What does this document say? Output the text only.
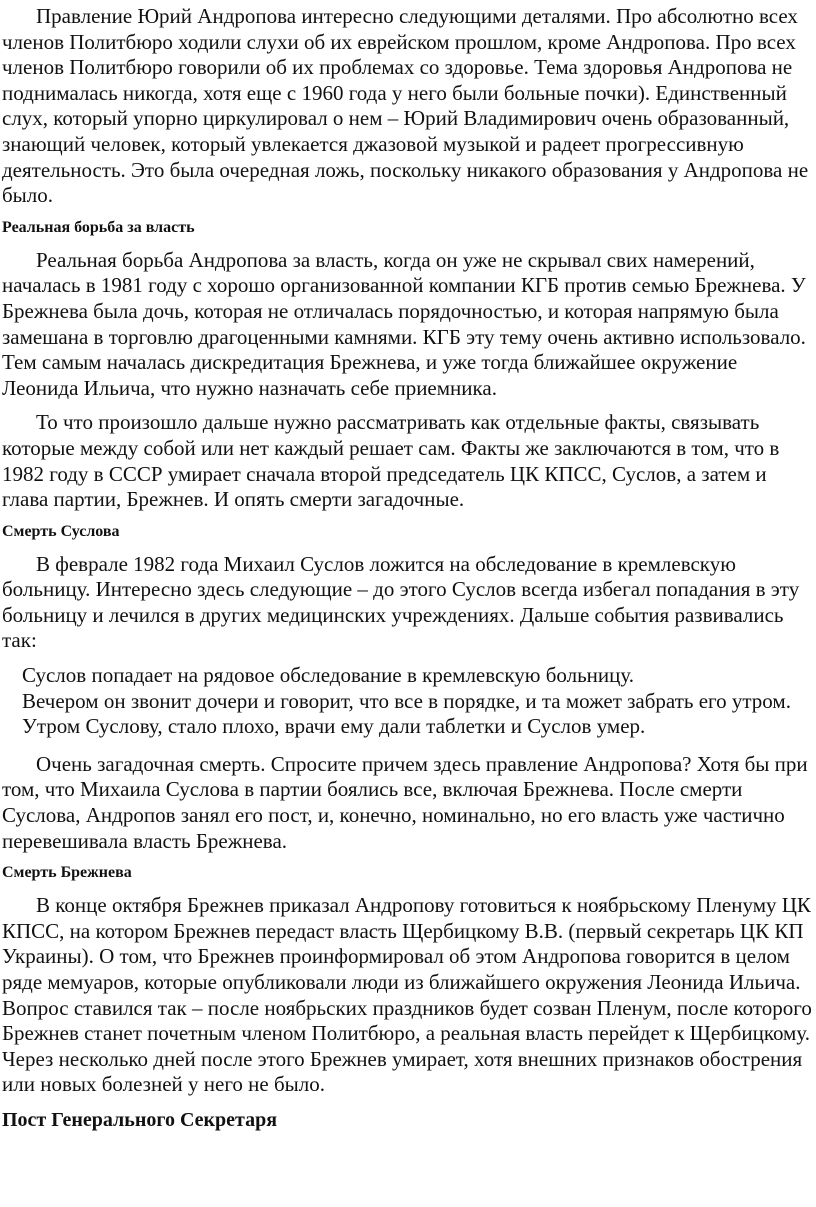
Правление Юрий Андропова интересно следующими деталями. Про абсолютно всех членов Политбюро ходили слухи об их еврейском прошлом, кроме Андропова. Про всех членов Политбюро говорили об их проблемах со здоровье. Тема здоровья Андропова не поднималась никогда, хотя еще с 1960 года у него были больные почки). Единственный слух, который упорно циркулировал о нем – Юрий Владимирович очень образованный, знающий человек, который увлекается джазовой музыкой и радеет прогрессивную деятельность. Это была очередная ложь, поскольку никакого образования у Андропова не было.

Реальная борьба за власть

Реальная борьба Андропова за власть, когда он уже не скрывал свих намерений, началась в 1981 году с хорошо организованной компании КГБ против семью Брежнева. У Брежнева была дочь, которая не отличалась порядочностью, и которая напрямую была замешана в торговлю драгоценными камнями. КГБ эту тему очень активно использовало. Тем самым началась дискредитация Брежнева, и уже тогда ближайшее окружение Леонида Ильича, что нужно назначать себе приемника.

То что произошло дальше нужно рассматривать как отдельные факты, связывать которые между собой или нет каждый решает сам. Факты же заключаются в том, что в 1982 году в СССР умирает сначала второй председатель ЦК КПСС, Суслов, а затем и глава партии, Брежнев. И опять смерти загадочные.

Смерть Суслова

В феврале 1982 года Михаил Суслов ложится на обследование в кремлевскую больницу. Интересно здесь следующие – до этого Суслов всегда избегал попадания в эту больницу и лечился в других медицинских учреждениях. Дальше события развивались так:

Суслов попадает на рядовое обследование в кремлевскую больницу.
Вечером он звонит дочери и говорит, что все в порядке, и та может забрать его утром.
Утром Суслову, стало плохо, врачи ему дали таблетки и Суслов умер.

Очень загадочная смерть. Спросите причем здесь правление Андропова? Хотя бы при том, что Михаила Суслова в партии боялись все, включая Брежнева. После смерти Суслова, Андропов занял его пост, и, конечно, номинально, но его власть уже частично перевешивала власть Брежнева.

Смерть Брежнева

В конце октября Брежнев приказал Андропову готовиться к ноябрьскому Пленуму ЦК КПСС, на котором Брежнев передаст власть Щербицкому В.В. (первый секретарь ЦК КП Украины). О том, что Брежнев проинформировал об этом Андропова говорится в целом ряде мемуаров, которые опубликовали люди из ближайшего окружения Леонида Ильича. Вопрос ставился так – после ноябрьских праздников будет созван Пленум, после которого Брежнев станет почетным членом Политбюро, а реальная власть перейдет к Щербицкому. Через несколько дней после этого Брежнев умирает, хотя внешних признаков обострения или новых болезней у него не было.

Пост Генерального Секретаря
